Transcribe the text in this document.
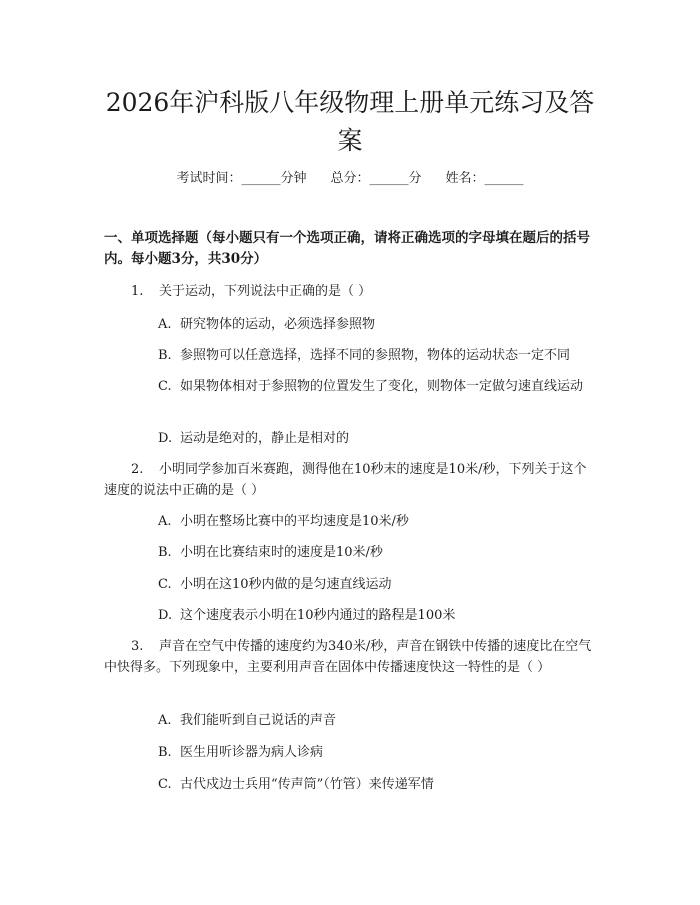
2026年沪科版八年级物理上册单元练习及答案
考试时间：______分钟 总分：______分 姓名：______

一、单项选择题（每小题只有一个选项正确，请将正确选项的字母填在题后的括号内。每小题3分，共30分）

1. 关于运动，下列说法中正确的是（ ）

A. 研究物体的运动，必须选择参照物

B. 参照物可以任意选择，选择不同的参照物，物体的运动状态一定不同

C. 如果物体相对于参照物的位置发生了变化，则物体一定做匀速直线运动

D. 运动是绝对的，静止是相对的

2. 小明同学参加百米赛跑，测得他在10秒末的速度是10米/秒，下列关于这个速度的说法中正确的是（ ）

A. 小明在整场比赛中的平均速度是10米/秒

B. 小明在比赛结束时的速度是10米/秒

C. 小明在这10秒内做的是匀速直线运动

D. 这个速度表示小明在10秒内通过的路程是100米

3. 声音在空气中传播的速度约为340米/秒，声音在钢铁中传播的速度比在空气中快得多。下列现象中，主要利用声音在固体中传播速度快这一特性的是（ ）

A. 我们能听到自己说话的声音

B. 医生用听诊器为病人诊病

C. 古代戍边士兵用“传声筒”（竹管）来传递军情
